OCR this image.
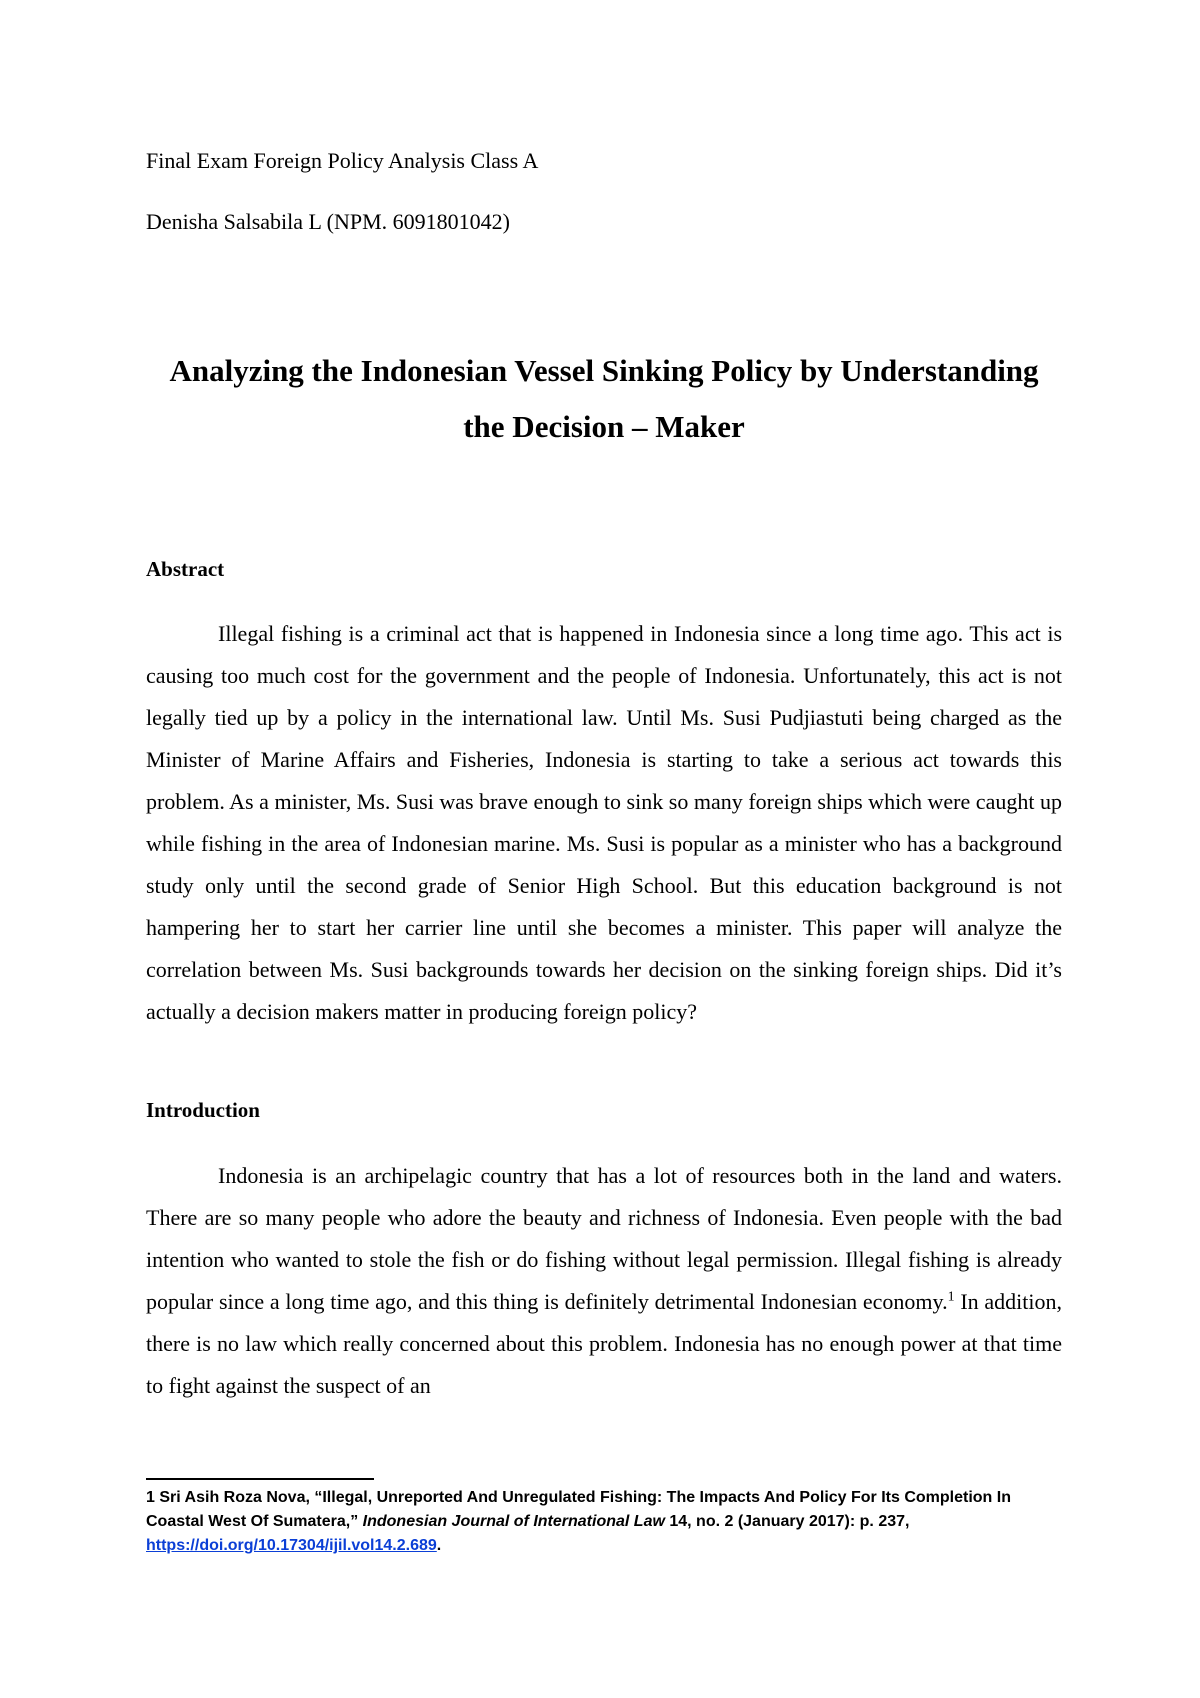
Final Exam Foreign Policy Analysis Class A
Denisha Salsabila L (NPM. 6091801042)
Analyzing the Indonesian Vessel Sinking Policy by Understanding
the Decision – Maker
Abstract
Illegal fishing is a criminal act that is happened in Indonesia since a long time ago. This act is causing too much cost for the government and the people of Indonesia. Unfortunately, this act is not legally tied up by a policy in the international law. Until Ms. Susi Pudjiastuti being charged as the Minister of Marine Affairs and Fisheries, Indonesia is starting to take a serious act towards this problem. As a minister, Ms. Susi was brave enough to sink so many foreign ships which were caught up while fishing in the area of Indonesian marine. Ms. Susi is popular as a minister who has a background study only until the second grade of Senior High School. But this education background is not hampering her to start her carrier line until she becomes a minister. This paper will analyze the correlation between Ms. Susi backgrounds towards her decision on the sinking foreign ships. Did it’s actually a decision makers matter in producing foreign policy?
Introduction
Indonesia is an archipelagic country that has a lot of resources both in the land and waters. There are so many people who adore the beauty and richness of Indonesia. Even people with the bad intention who wanted to stole the fish or do fishing without legal permission. Illegal fishing is already popular since a long time ago, and this thing is definitely detrimental Indonesian economy.$^1$ In addition, there is no law which really concerned about this problem. Indonesia has no enough power at that time to fight against the suspect of an
1 Sri Asih Roza Nova, “Illegal, Unreported And Unregulated Fishing: The Impacts And Policy For Its Completion In Coastal West Of Sumatera,” Indonesian Journal of International Law 14, no. 2 (January 2017): p. 237, https://doi.org/10.17304/ijil.vol14.2.689.
